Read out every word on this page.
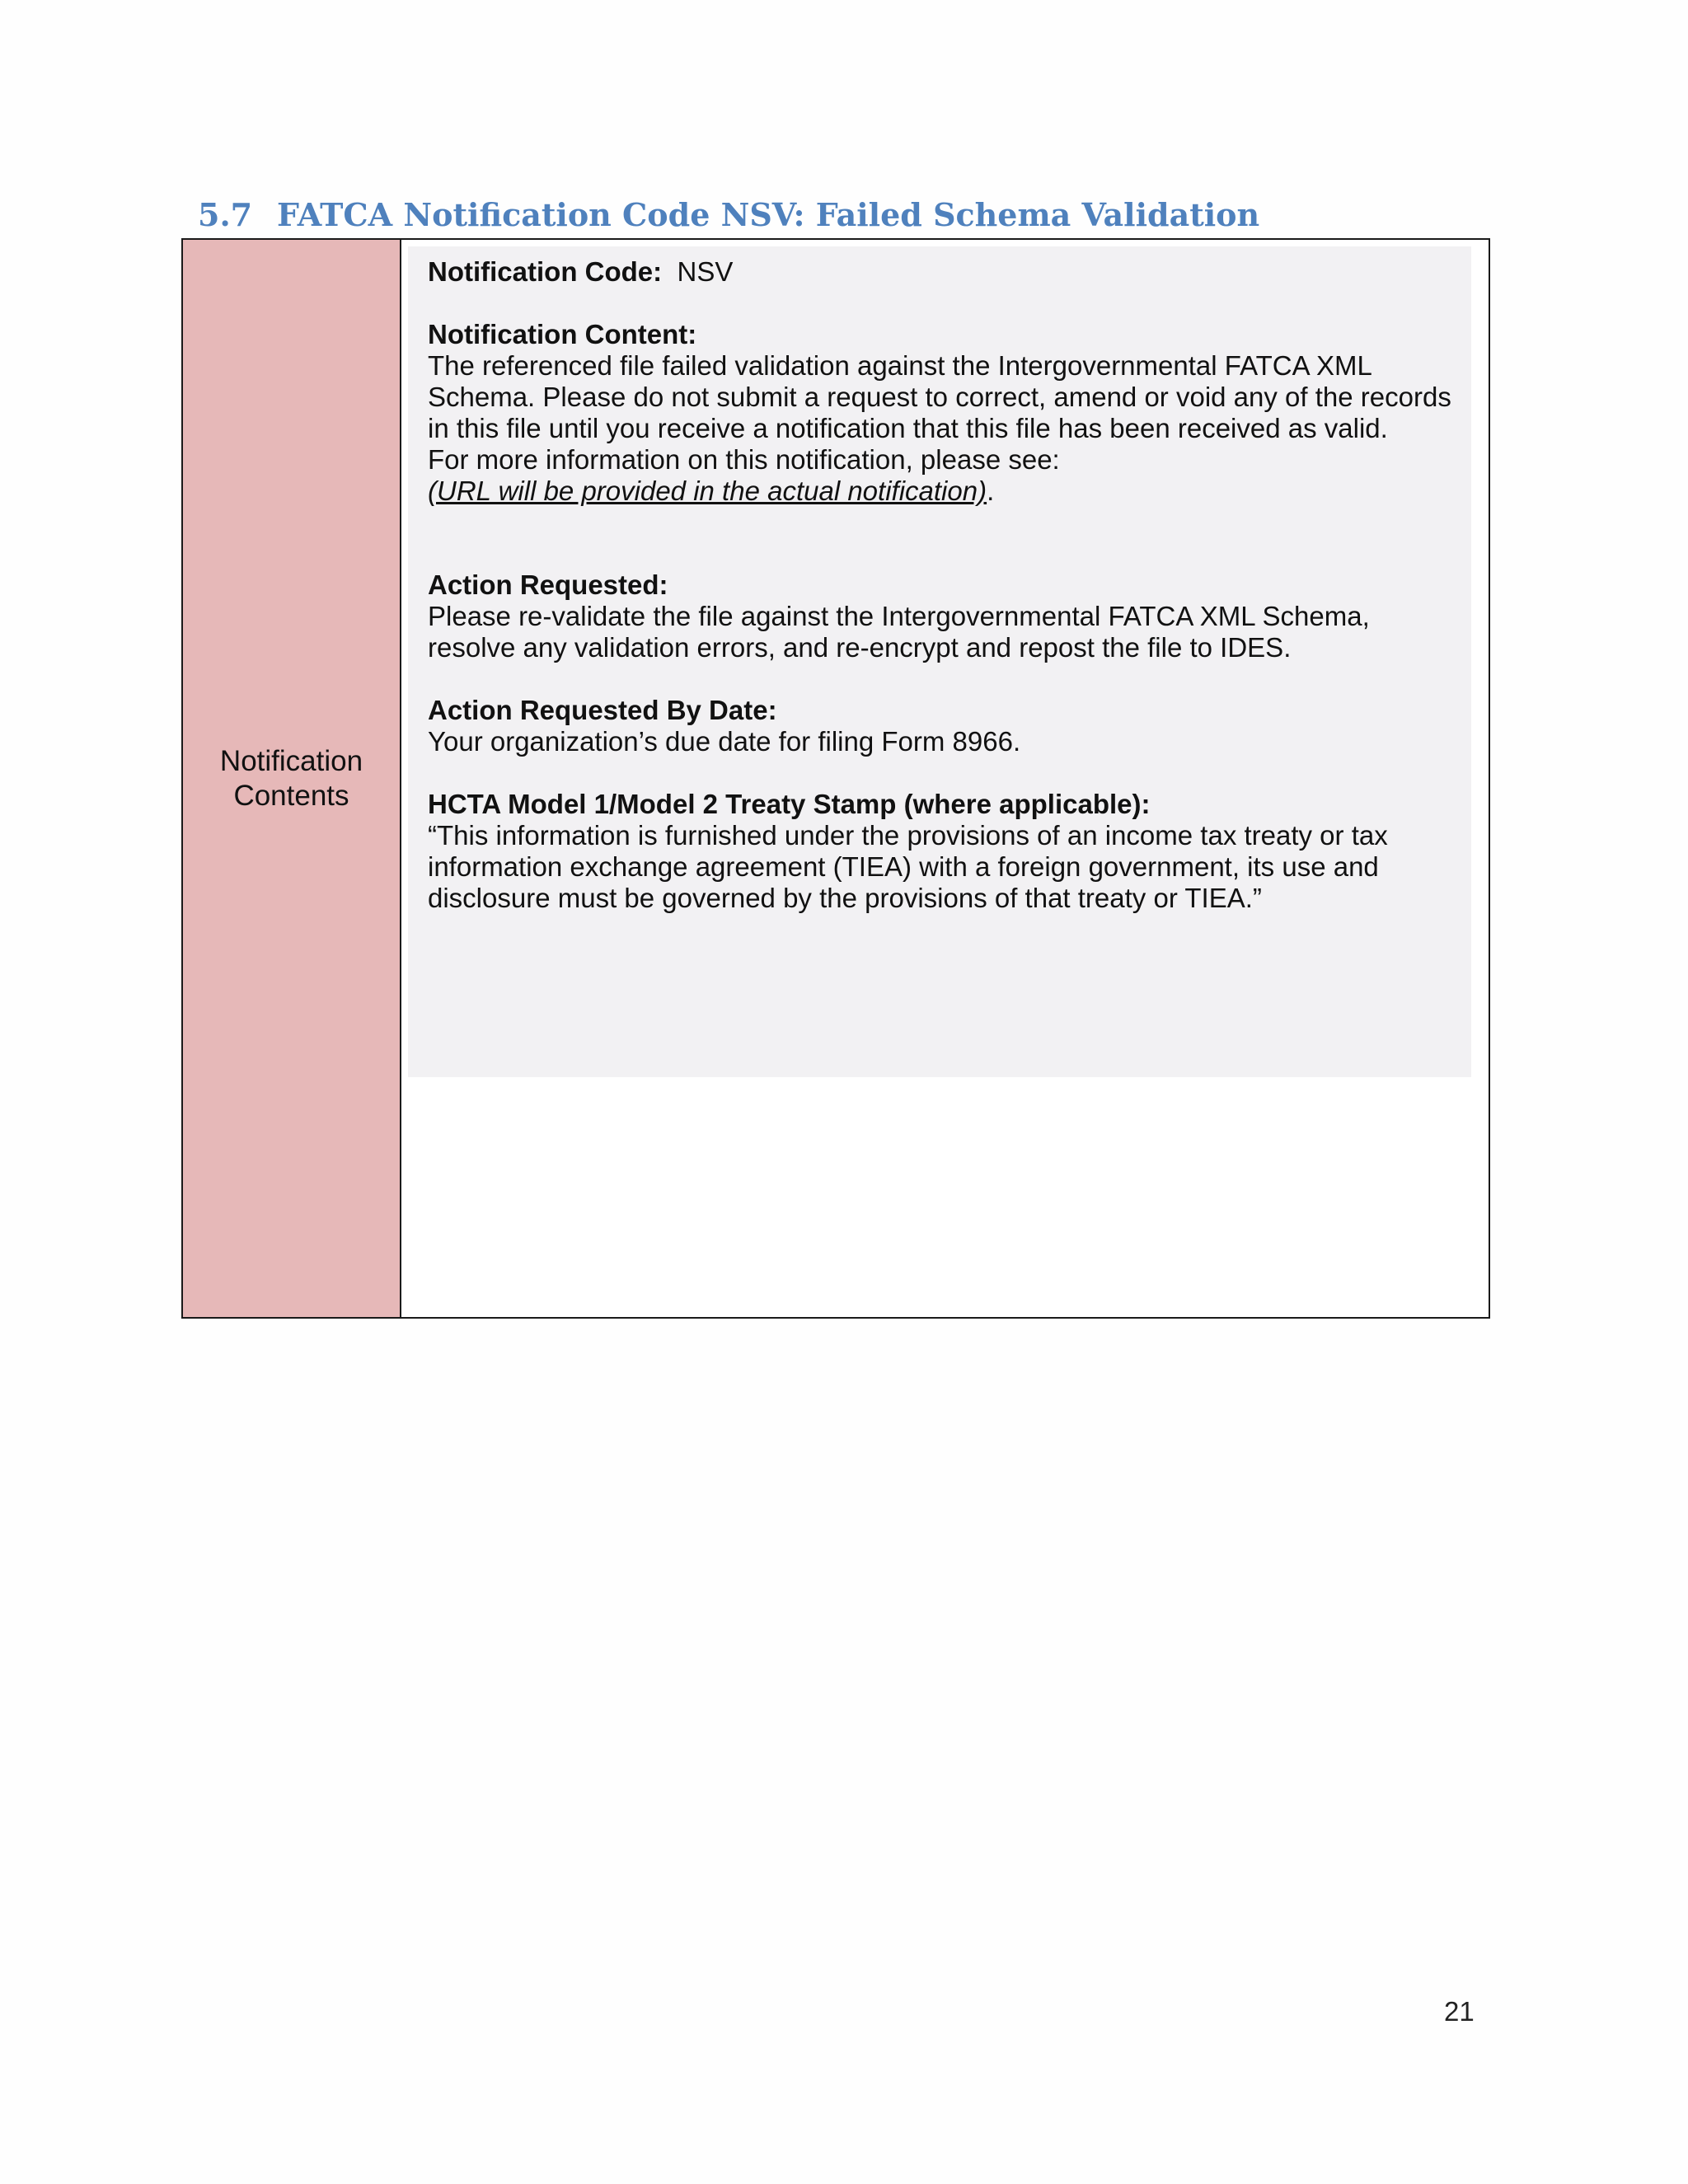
5.7 FATCA Notification Code NSV: Failed Schema Validation
Notification
Contents

Notification Code: NSV

Notification Content:

The referenced file failed validation against the Intergovernmental FATCA XML Schema. Please do not submit a request to correct, amend or void any of the records in this file until you receive a notification that this file has been received as valid.

For more information on this notification, please see:

(URL will be provided in the actual notification).

Action Requested:

Please re-validate the file against the Intergovernmental FATCA XML Schema, resolve any validation errors, and re-encrypt and repost the file to IDES.

Action Requested By Date:

Your organization’s due date for filing Form 8966.

HCTA Model 1/Model 2 Treaty Stamp (where applicable):

“This information is furnished under the provisions of an income tax treaty or tax information exchange agreement (TIEA) with a foreign government, its use and disclosure must be governed by the provisions of that treaty or TIEA.”

21
